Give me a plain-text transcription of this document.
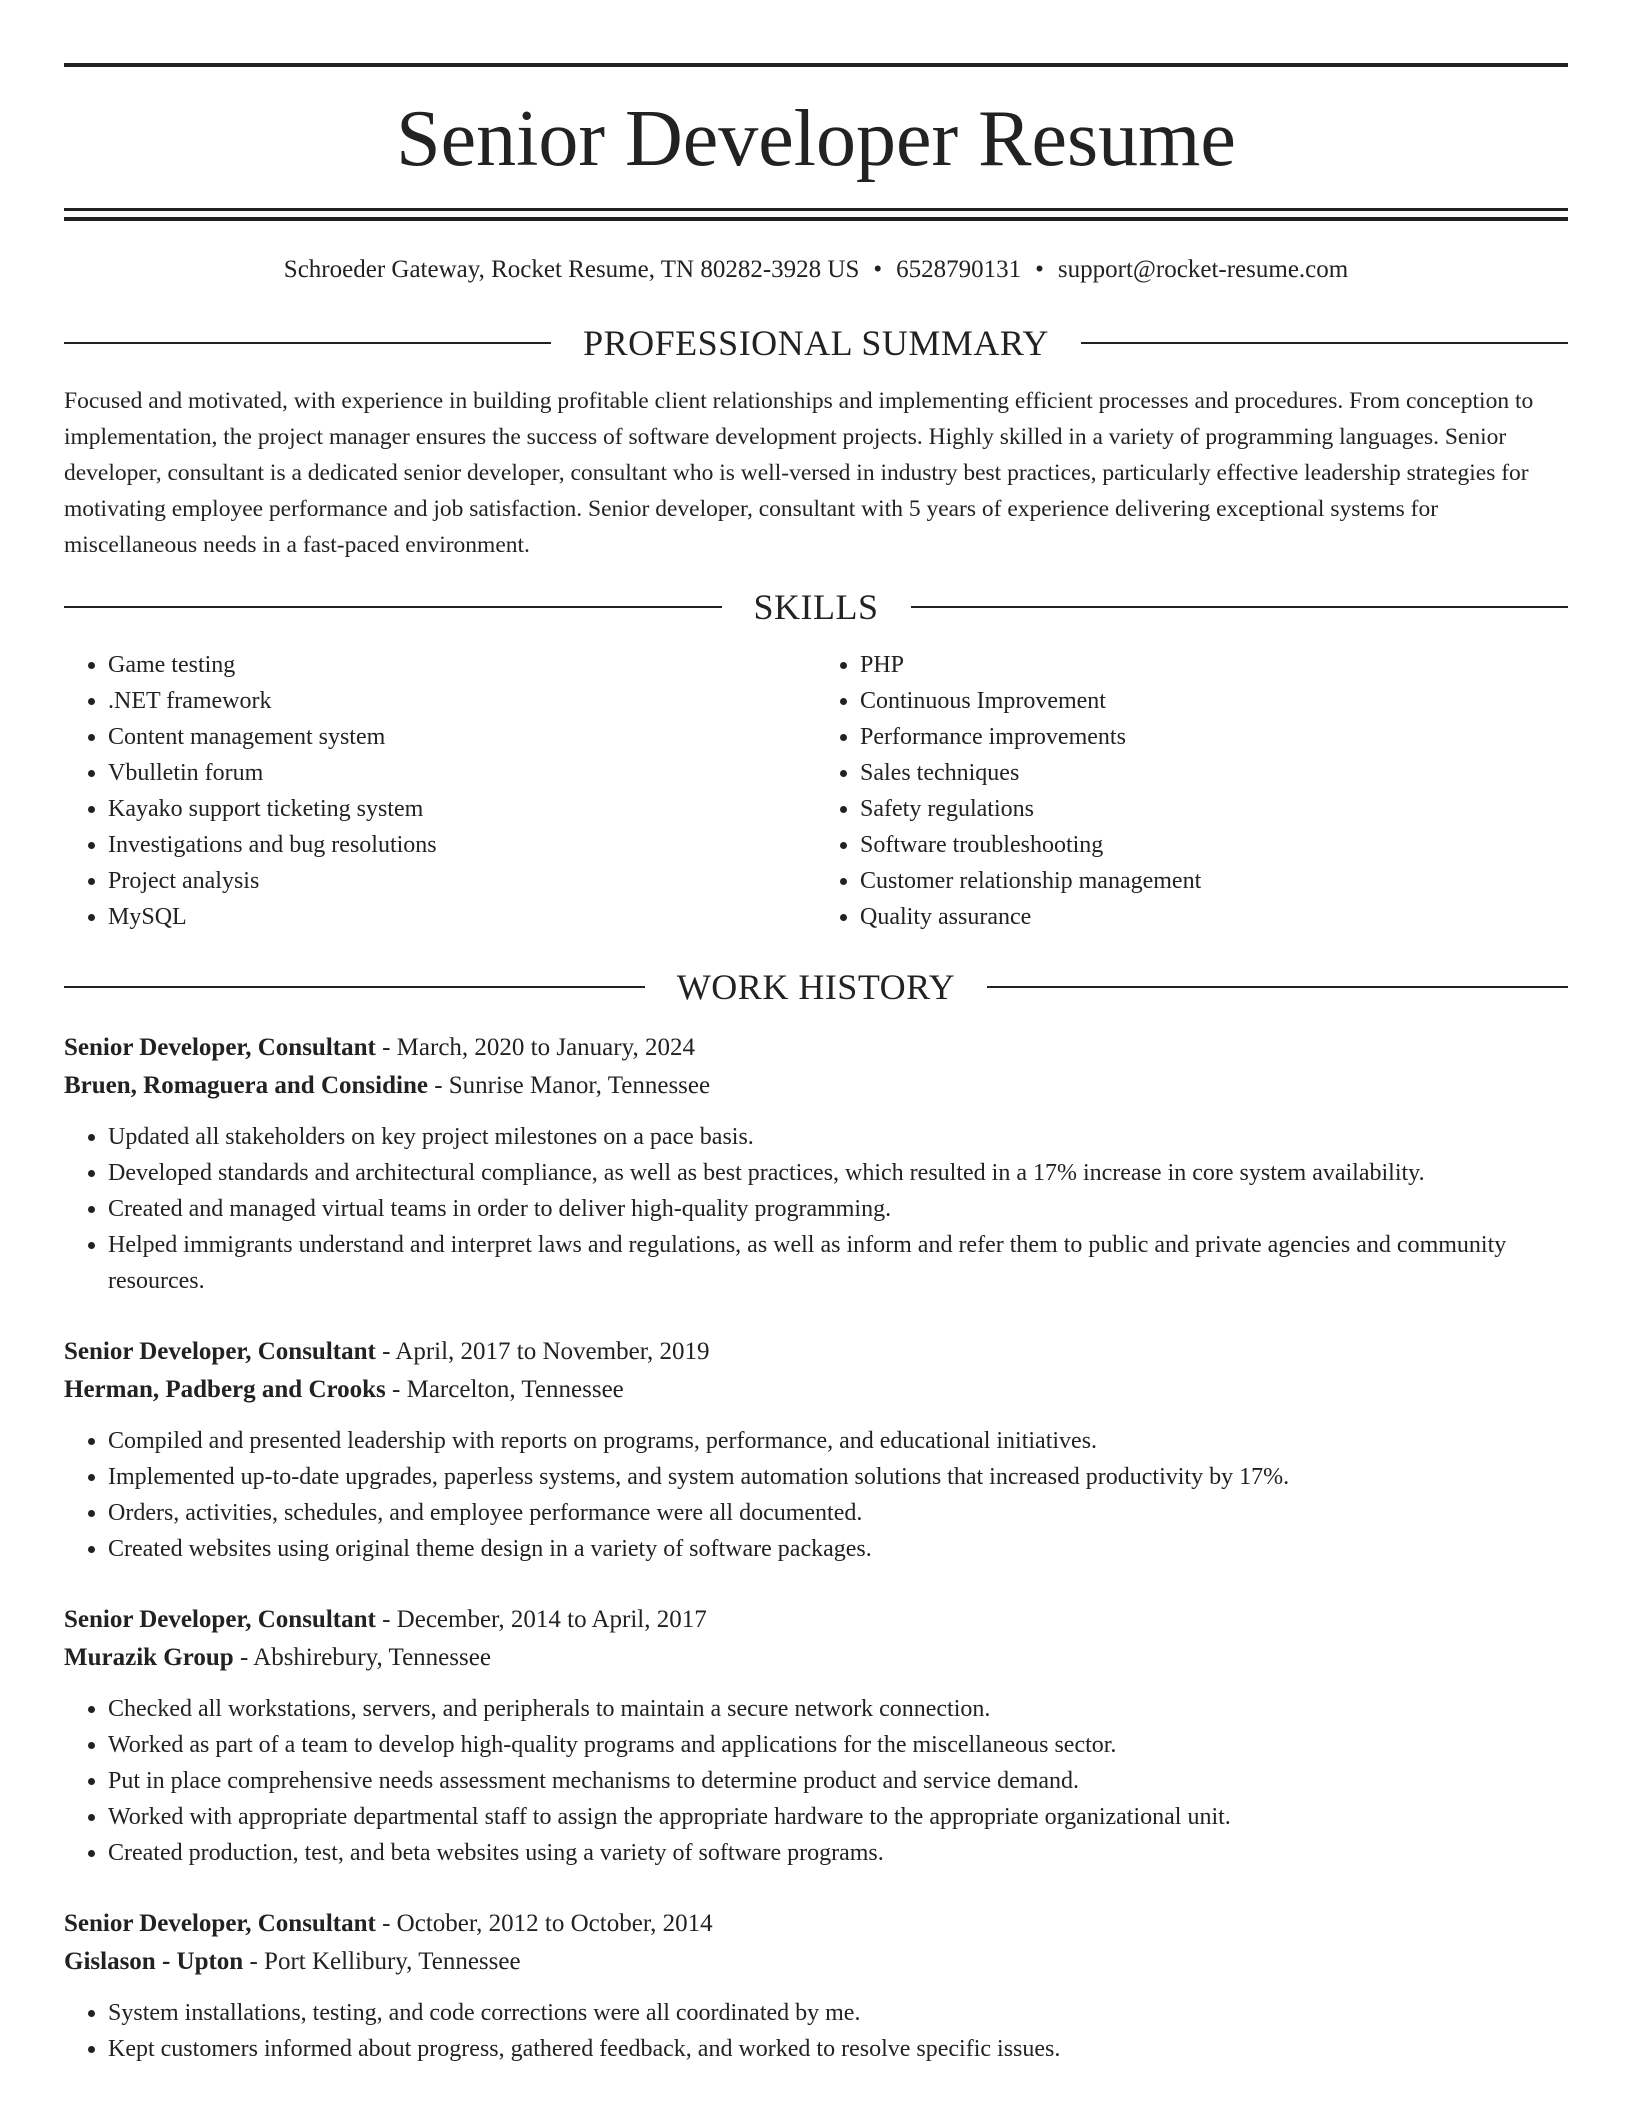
Senior Developer Resume
Schroeder Gateway, Rocket Resume, TN 80282-3928 US • 6528790131 • support@rocket-resume.com
PROFESSIONAL SUMMARY
Focused and motivated, with experience in building profitable client relationships and implementing efficient processes and procedures. From conception to implementation, the project manager ensures the success of software development projects. Highly skilled in a variety of programming languages. Senior developer, consultant is a dedicated senior developer, consultant who is well-versed in industry best practices, particularly effective leadership strategies for motivating employee performance and job satisfaction. Senior developer, consultant with 5 years of experience delivering exceptional systems for miscellaneous needs in a fast-paced environment.
SKILLS
• Game testing
• .NET framework
• Content management system
• Vbulletin forum
• Kayako support ticketing system
• Investigations and bug resolutions
• Project analysis
• MySQL
• PHP
• Continuous Improvement
• Performance improvements
• Sales techniques
• Safety regulations
• Software troubleshooting
• Customer relationship management
• Quality assurance
WORK HISTORY
Senior Developer, Consultant - March, 2020 to January, 2024
Bruen, Romaguera and Considine - Sunrise Manor, Tennessee
• Updated all stakeholders on key project milestones on a pace basis.
• Developed standards and architectural compliance, as well as best practices, which resulted in a 17% increase in core system availability.
• Created and managed virtual teams in order to deliver high-quality programming.
• Helped immigrants understand and interpret laws and regulations, as well as inform and refer them to public and private agencies and community resources.
Senior Developer, Consultant - April, 2017 to November, 2019
Herman, Padberg and Crooks - Marcelton, Tennessee
• Compiled and presented leadership with reports on programs, performance, and educational initiatives.
• Implemented up-to-date upgrades, paperless systems, and system automation solutions that increased productivity by 17%.
• Orders, activities, schedules, and employee performance were all documented.
• Created websites using original theme design in a variety of software packages.
Senior Developer, Consultant - December, 2014 to April, 2017
Murazik Group - Abshirebury, Tennessee
• Checked all workstations, servers, and peripherals to maintain a secure network connection.
• Worked as part of a team to develop high-quality programs and applications for the miscellaneous sector.
• Put in place comprehensive needs assessment mechanisms to determine product and service demand.
• Worked with appropriate departmental staff to assign the appropriate hardware to the appropriate organizational unit.
• Created production, test, and beta websites using a variety of software programs.
Senior Developer, Consultant - October, 2012 to October, 2014
Gislason - Upton - Port Kellibury, Tennessee
• System installations, testing, and code corrections were all coordinated by me.
• Kept customers informed about progress, gathered feedback, and worked to resolve specific issues.
